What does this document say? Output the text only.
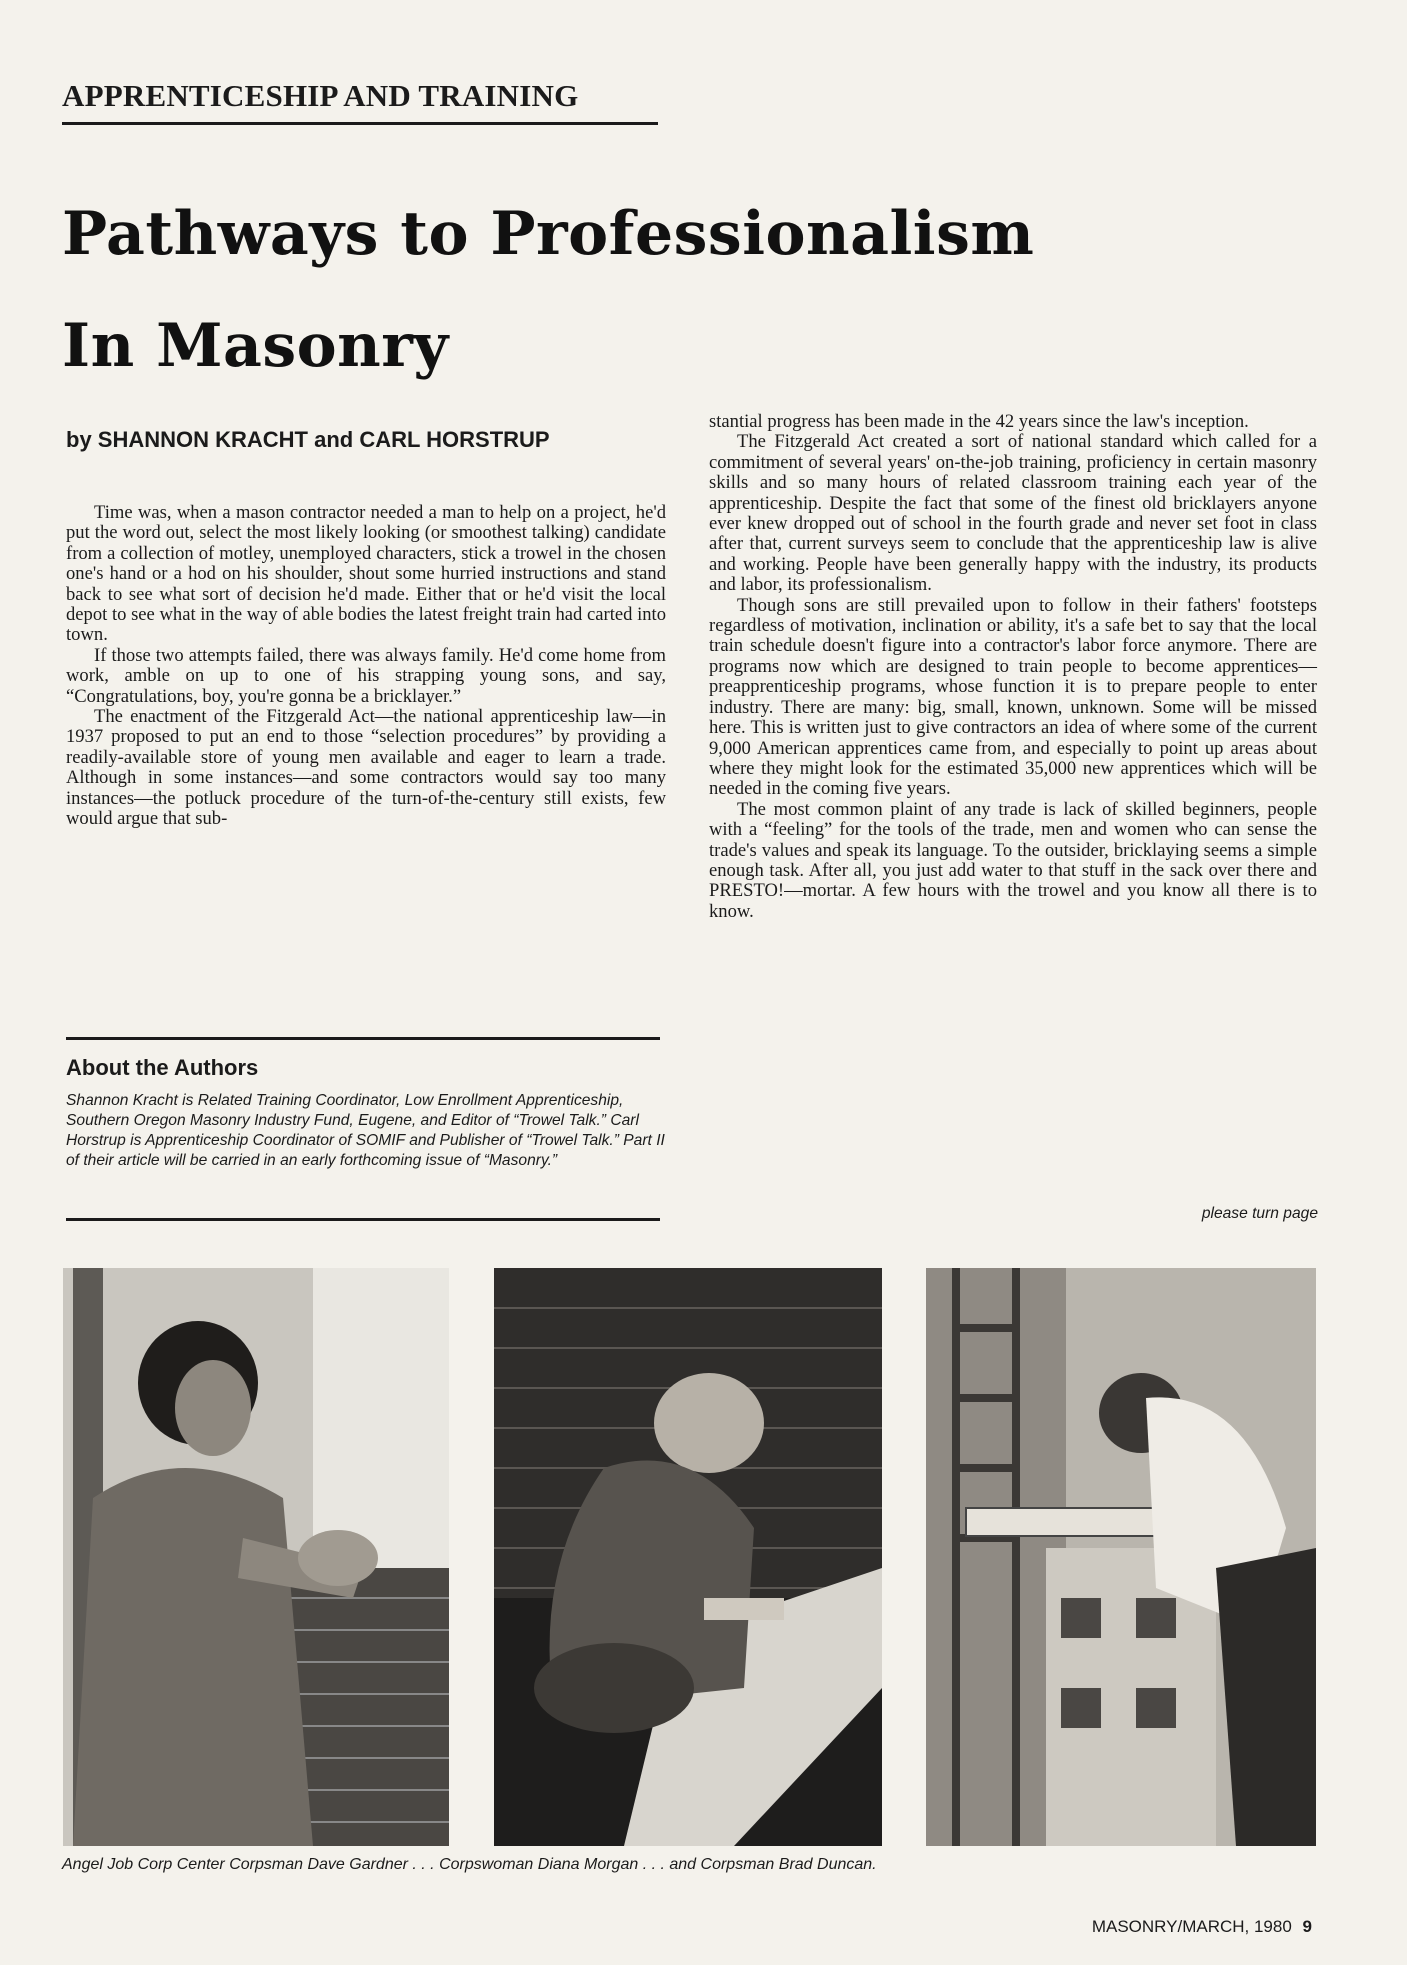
APPRENTICESHIP AND TRAINING
Pathways to Professionalism
In Masonry

by SHANNON KRACHT and CARL HORSTRUP

Time was, when a mason contractor needed a man to help on a project, he'd put the word out, select the most likely looking (or smoothest talking) candidate from a collection of motley, unemployed characters, stick a trowel in the chosen one's hand or a hod on his shoulder, shout some hurried instructions and stand back to see what sort of decision he'd made. Either that or he'd visit the local depot to see what in the way of able bodies the latest freight train had carted into town.

If those two attempts failed, there was always family. He'd come home from work, amble on up to one of his strapping young sons, and say, “Congratulations, boy, you're gonna be a bricklayer.”

The enactment of the Fitzgerald Act—the national apprenticeship law—in 1937 proposed to put an end to those “selection procedures” by providing a readily-available store of young men available and eager to learn a trade. Although in some instances—and some contractors would say too many instances—the potluck procedure of the turn-of-the-century still exists, few would argue that sub-

About the Authors

Shannon Kracht is Related Training Coordinator, Low Enrollment Apprenticeship, Southern Oregon Masonry Industry Fund, Eugene, and Editor of “Trowel Talk.” Carl Horstrup is Apprenticeship Coordinator of SOMIF and Publisher of “Trowel Talk.” Part II of their article will be carried in an early forthcoming issue of “Masonry.”

stantial progress has been made in the 42 years since the law's inception.

The Fitzgerald Act created a sort of national standard which called for a commitment of several years' on-the-job training, proficiency in certain masonry skills and so many hours of related classroom training each year of the apprenticeship. Despite the fact that some of the finest old bricklayers anyone ever knew dropped out of school in the fourth grade and never set foot in class after that, current surveys seem to conclude that the apprenticeship law is alive and working. People have been generally happy with the industry, its products and labor, its professionalism.

Though sons are still prevailed upon to follow in their fathers' footsteps regardless of motivation, inclination or ability, it's a safe bet to say that the local train schedule doesn't figure into a contractor's labor force anymore. There are programs now which are designed to train people to become apprentices—preapprenticeship programs, whose function it is to prepare people to enter industry. There are many: big, small, known, unknown. Some will be missed here. This is written just to give contractors an idea of where some of the current 9,000 American apprentices came from, and especially to point up areas about where they might look for the estimated 35,000 new apprentices which will be needed in the coming five years.

The most common plaint of any trade is lack of skilled beginners, people with a “feeling” for the tools of the trade, men and women who can sense the trade's values and speak its language. To the outsider, bricklaying seems a simple enough task. After all, you just add water to that stuff in the sack over there and PRESTO!—mortar. A few hours with the trowel and you know all there is to know.

please turn page

Angel Job Corp Center Corpsman Dave Gardner . . . Corpswoman Diana Morgan . . . and Corpsman Brad Duncan.

MASONRY/MARCH, 1980 9
